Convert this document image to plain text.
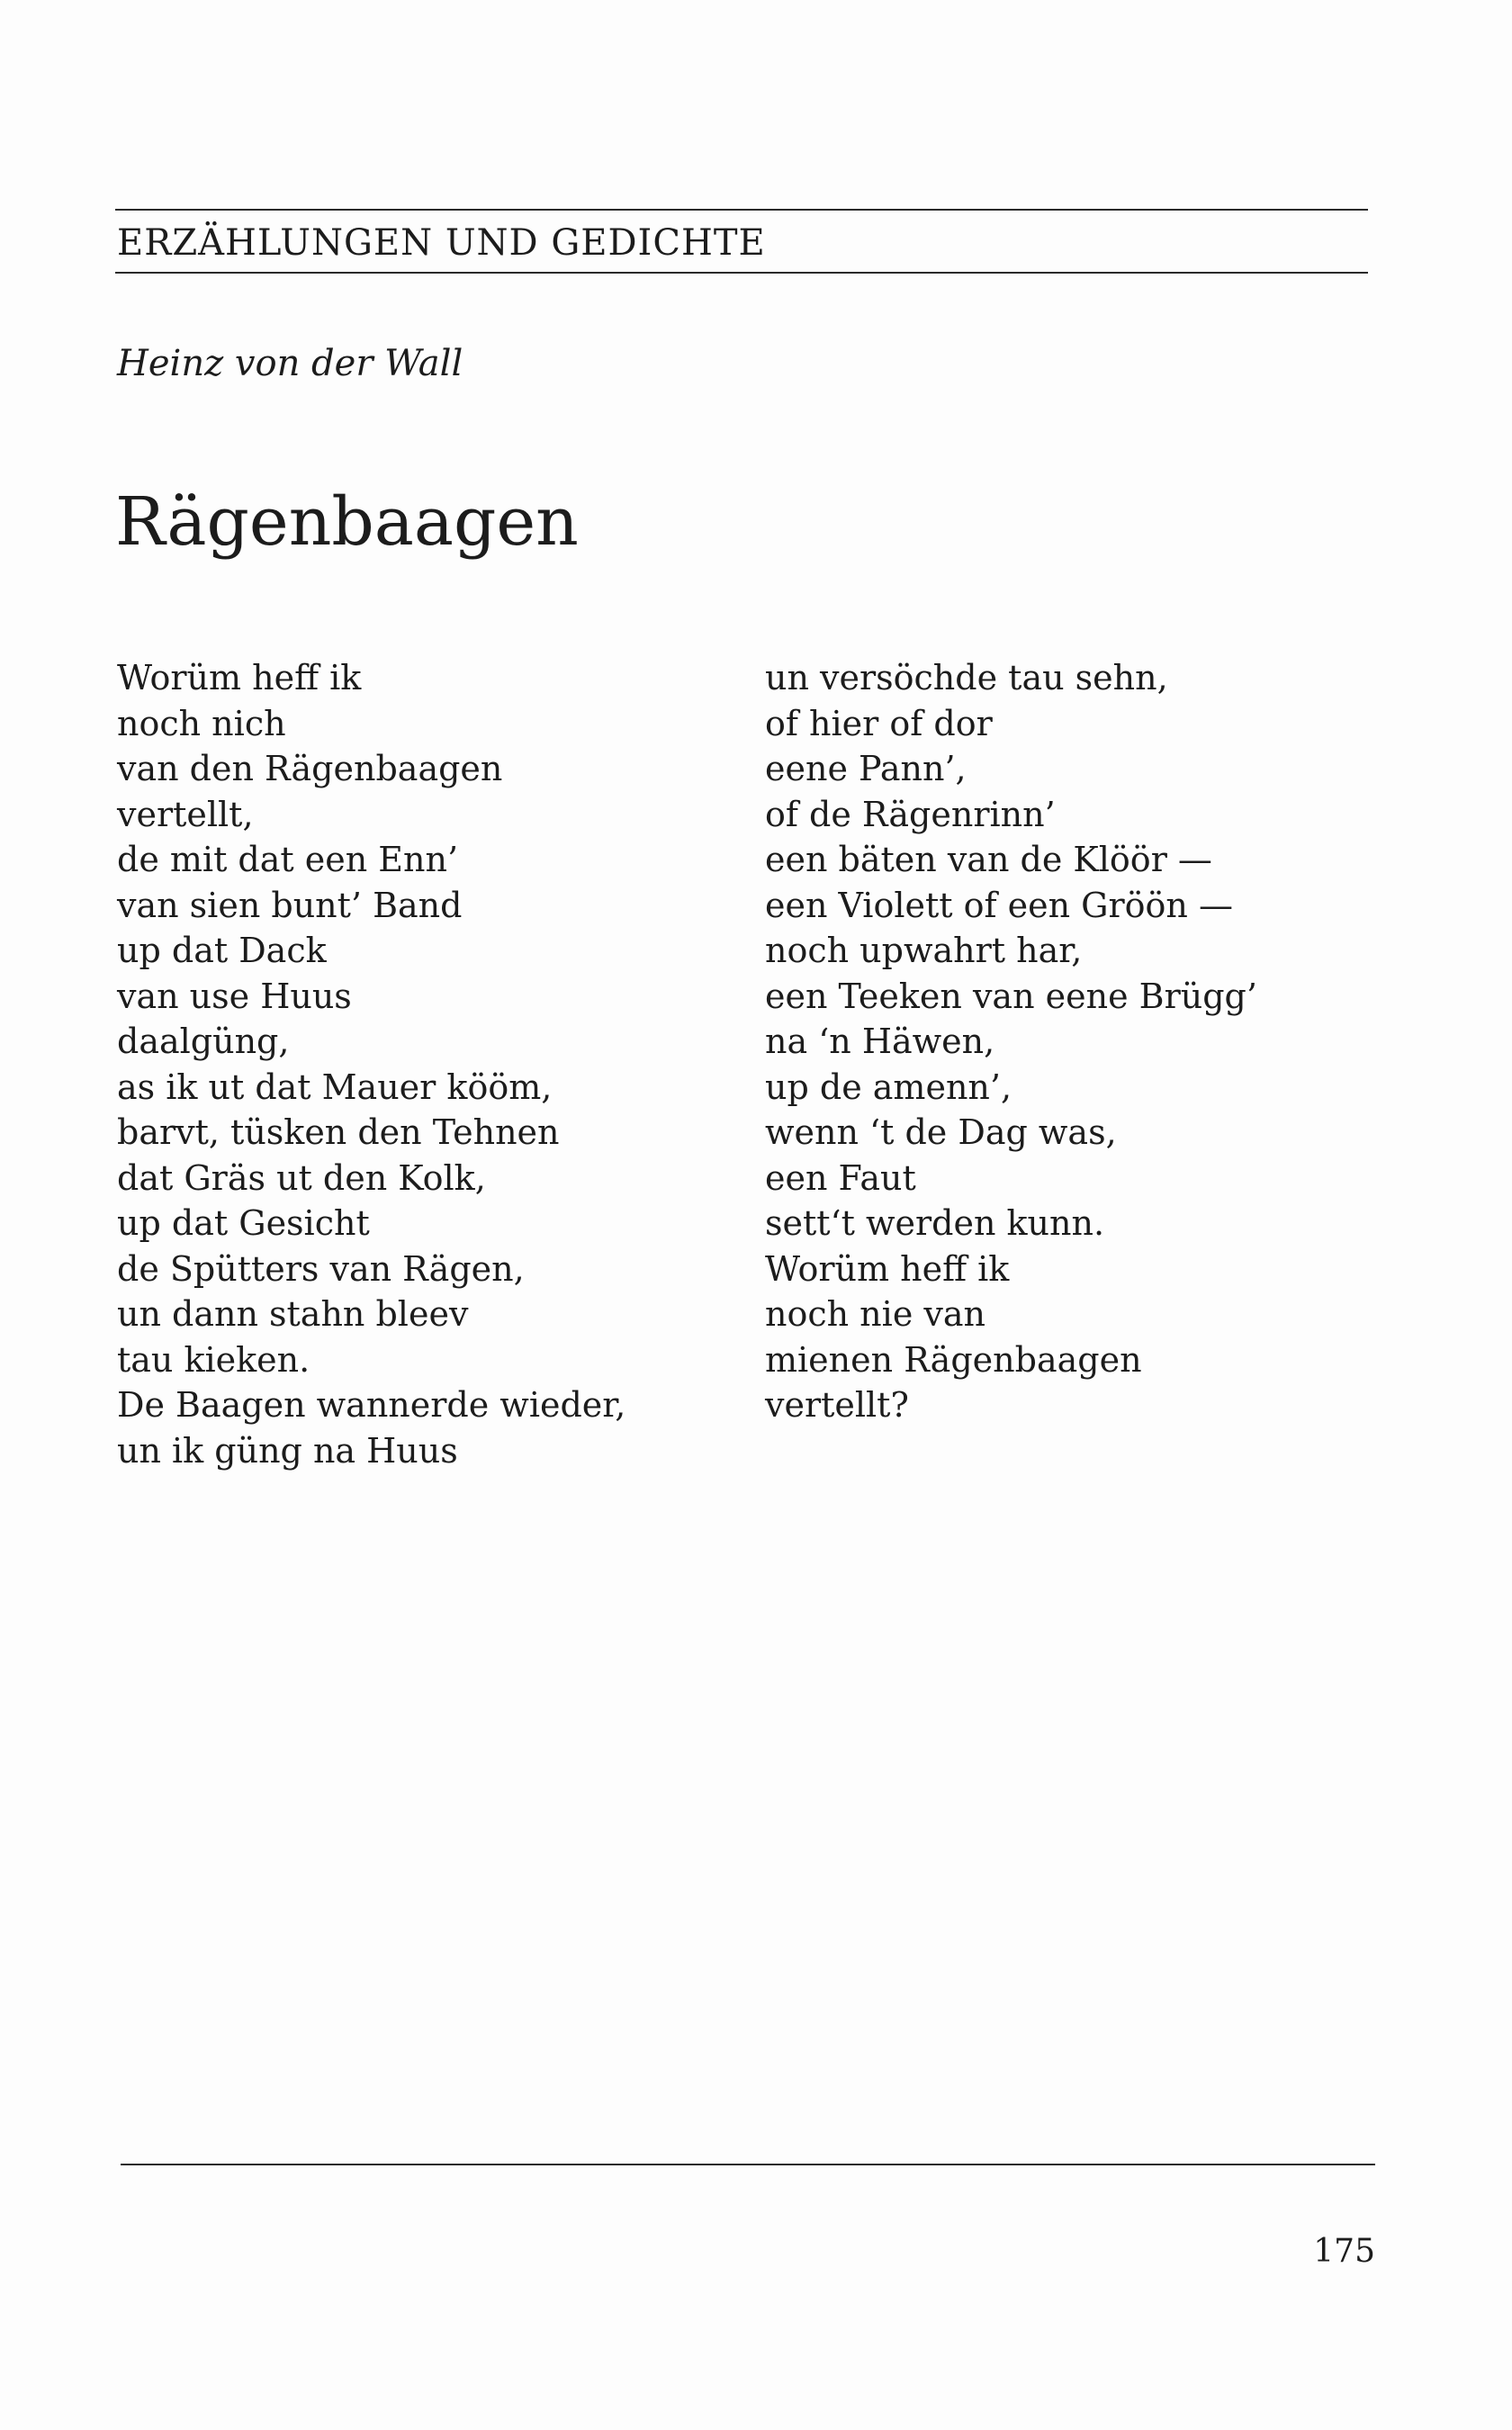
ERZÄHLUNGEN UND GEDICHTE
Heinz von der Wall
Rägenbaagen
Worüm heff ik
noch nich
van den Rägenbaagen
vertellt,
de mit dat een Enn’
van sien bunt’ Band
up dat Dack
van use Huus
daalgüng,
as ik ut dat Mauer kööm,
barvt, tüsken den Tehnen
dat Gräs ut den Kolk,
up dat Gesicht
de Spütters van Rägen,
un dann stahn bleev
tau kieken.
De Baagen wannerde wieder,
un ik güng na Huus
un versöchde tau sehn,
of hier of dor
eene Pann’,
of de Rägenrinn’
een bäten van de Klöör —
een Violett of een Gröön —
noch upwahrt har,
een Teeken van eene Brügg’
na ‘n Häwen,
up de amenn’,
wenn ‘t de Dag was,
een Faut
sett‘t werden kunn.
Worüm heff ik
noch nie van
mienen Rägenbaagen
vertellt?
175
